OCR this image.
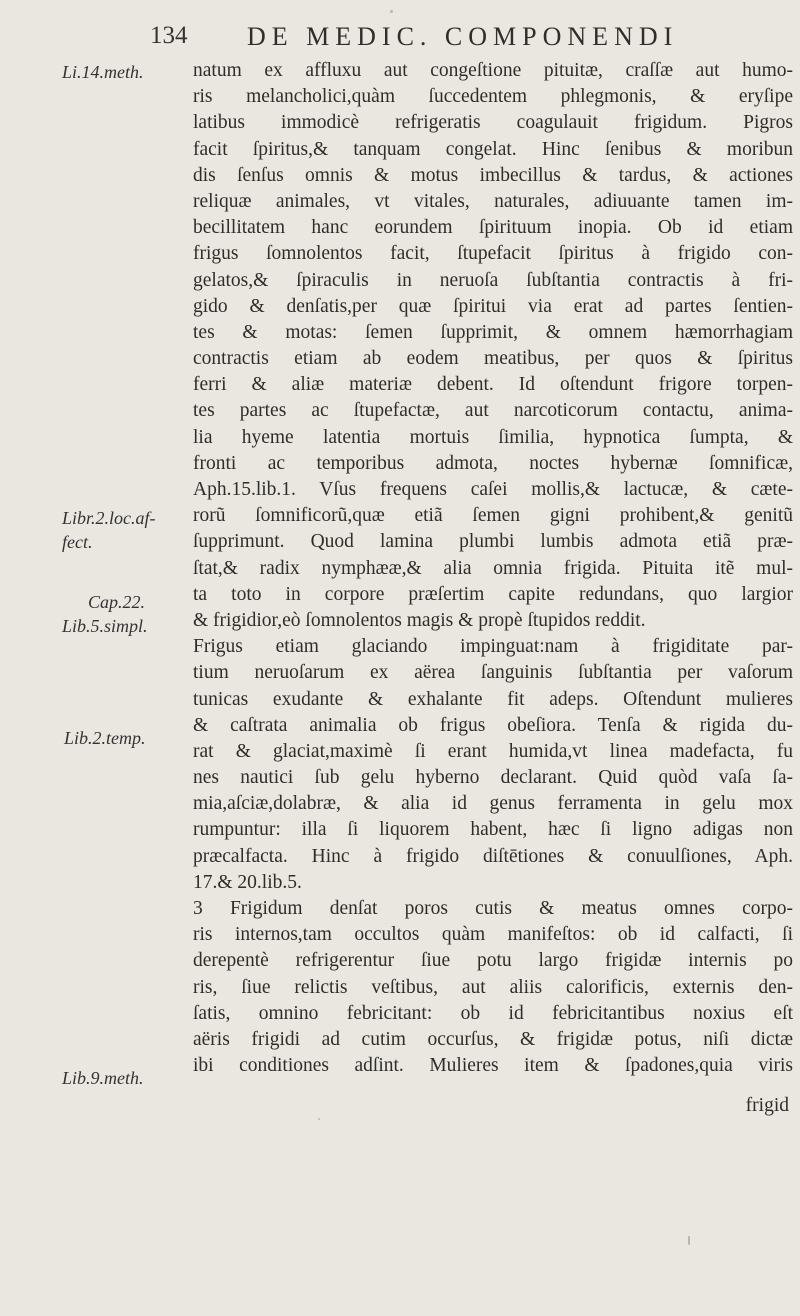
134 DE MEDIC. COMPONENDI
Li.14.meth.
Libr.2.loc.af-
fect.
Cap.22.
Lib.5.simpl.
Lib.2.temp.
Lib.9.meth.
natum ex affluxu aut congeſtione pituitæ, craſſæ aut humo-
ris melancholici,quàm ſuccedentem phlegmonis, & eryſipe
latibus immodicè refrigeratis coagulauit frigidum. Pigros
facit ſpiritus,& tanquam congelat. Hinc ſenibus & moribun
dis ſenſus omnis & motus imbecillus & tardus, & actiones
reliquæ animales, vt vitales, naturales, adiuuante tamen im-
becillitatem hanc eorundem ſpirituum inopia. Ob id etiam
frigus ſomnolentos facit, ſtupefacit ſpiritus à frigido con-
gelatos,& ſpiraculis in neruoſa ſubſtantia contractis à fri-
gido & denſatis,per quæ ſpiritui via erat ad partes ſentien-
tes & motas: ſemen ſupprimit, & omnem hæmorrhagiam
contractis etiam ab eodem meatibus, per quos & ſpiritus
ferri & aliæ materiæ debent. Id oſtendunt frigore torpen-
tes partes ac ſtupefactæ, aut narcoticorum contactu, anima-
lia hyeme latentia mortuis ſimilia, hypnotica ſumpta, &
fronti ac temporibus admota, noctes hybernæ ſomnificæ,
Aph.15.lib.1. Vſus frequens caſei mollis,& lactucæ, & cæte-
rorũ ſomnificorũ,quæ etiã ſemen gigni prohibent,& genitũ
ſupprimunt. Quod lamina plumbi lumbis admota etiã præ-
ſtat,& radix nymphææ,& alia omnia frigida. Pituita itẽ mul-
ta toto in corpore præſertim capite redundans, quo largior
& frigidior,eò ſomnolentos magis & propè ſtupidos reddit.
Frigus etiam glaciando impinguat:nam à frigiditate par-
tium neruoſarum ex aërea ſanguinis ſubſtantia per vaſorum
tunicas exudante & exhalante fit adeps. Oſtendunt mulieres
& caſtrata animalia ob frigus obeſiora. Tenſa & rigida du-
rat & glaciat,maximè ſi erant humida,vt linea madefacta, fu
nes nautici ſub gelu hyberno declarant. Quid quòd vaſa ſa-
mia,aſciæ,dolabræ, & alia id genus ferramenta in gelu mox
rumpuntur: illa ſi liquorem habent, hæc ſi ligno adigas non
præcalfacta. Hinc à frigido diſtētiones & conuulſiones, Aph.
17.& 20.lib.5.
3 Frigidum denſat poros cutis & meatus omnes corpo-
ris internos,tam occultos quàm manifeſtos: ob id calfacti, ſi
derepentè refrigerentur ſiue potu largo frigidæ internis po
ris, ſiue relictis veſtibus, aut aliis calorificis, externis den-
ſatis, omnino febricitant: ob id febricitantibus noxius eſt
aëris frigidi ad cutim occurſus, & frigidæ potus, niſi dictæ
ibi conditiones adſint. Mulieres item & ſpadones,quia viris
frigid
